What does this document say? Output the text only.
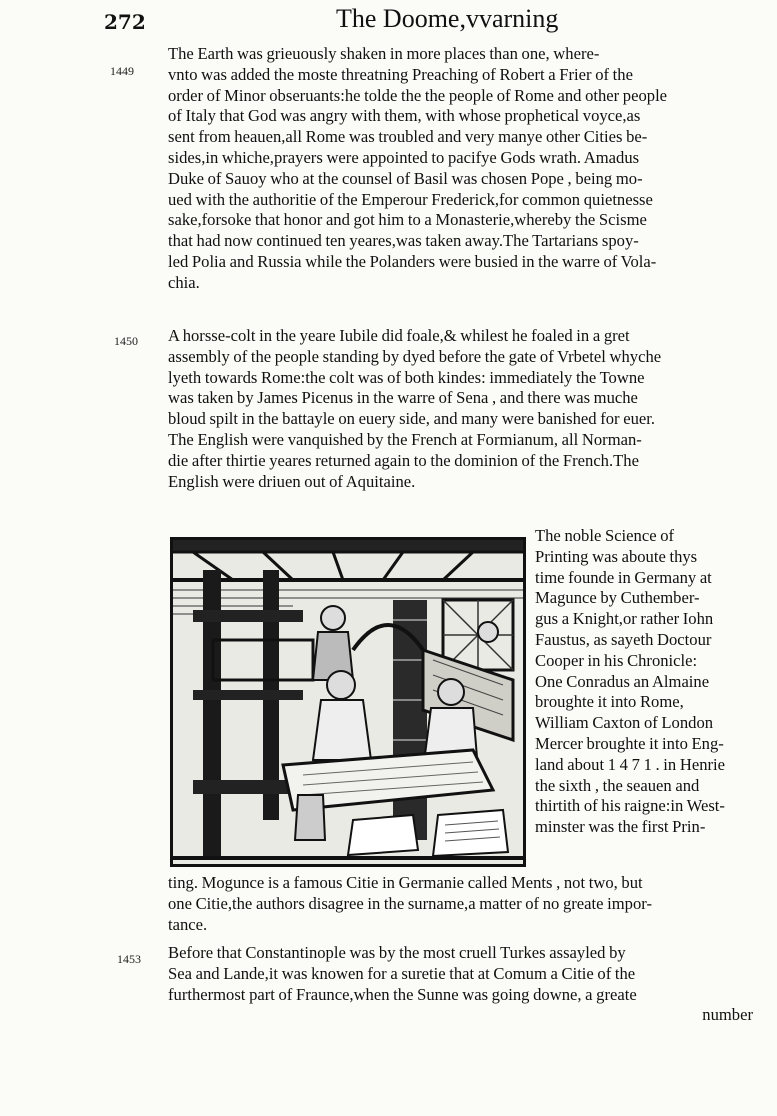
272	The Doome,vvarning
1449
1450
1453
The Earth was grieuously shaken in more places than one, where-
vnto was added the moste threatning Preaching of Robert a Frier of the
order of Minor obseruants:he tolde the the people of Rome and other people
of Italy that God was angry with them, with whose prophetical voyce,as
sent from heauen,all Rome was troubled and very manye other Cities be-
sides,in whiche,prayers were appointed to pacifye Gods wrath. Amadus
Duke of Sauoy who at the counsel of Basil was chosen Pope , being mo-
ued with the authoritie of the Emperour Frederick,for common quietnesse
sake,forsoke that honor and got him to a Monasterie,whereby the Scisme
that had now continued ten yeares,was taken away.The Tartarians spoy-
led Polia and Russia while the Polanders were busied in the warre of Vola-
chia.
A horsse-colt in the yeare Iubile did foale,& whilest he foaled in a gret
assembly of the people standing by dyed before the gate of Vrbetel whyche
lyeth towards Rome:the colt was of both kindes: immediately the Towne
was taken by James Picenus in the warre of Sena , and there was muche
bloud spilt in the battayle on euery side, and many were banished for euer.
The English were vanquished by the French at Formianum, all Norman-
die after thirtie yeares returned again to the dominion of the French.The
English were driuen out of Aquitaine.
The noble Science of
Printing was aboute thys
time founde in Germany at
Magunce by Cuthember-
gus a Knight,or rather Iohn
Faustus, as sayeth Doctour
Cooper in his Chronicle:
One Conradus an Almaine
broughte it into Rome,
William Caxton of London
Mercer broughte it into Eng-
land about 1 4 7 1 . in Henrie
the sixth , the seauen and
thirtith of his raigne:in West-
minster was the first Prin-
ting. Mogunce is a famous Citie in Germanie called Ments , not two, but
one Citie,the authors disagree in the surname,a matter of no greate impor-
tance.
Before that Constantinople was by the most cruell Turkes assayled by
Sea and Lande,it was knowen for a suretie that at Comum a Citie of the
furthermost part of Fraunce,when the Sunne was going downe, a greate
number
